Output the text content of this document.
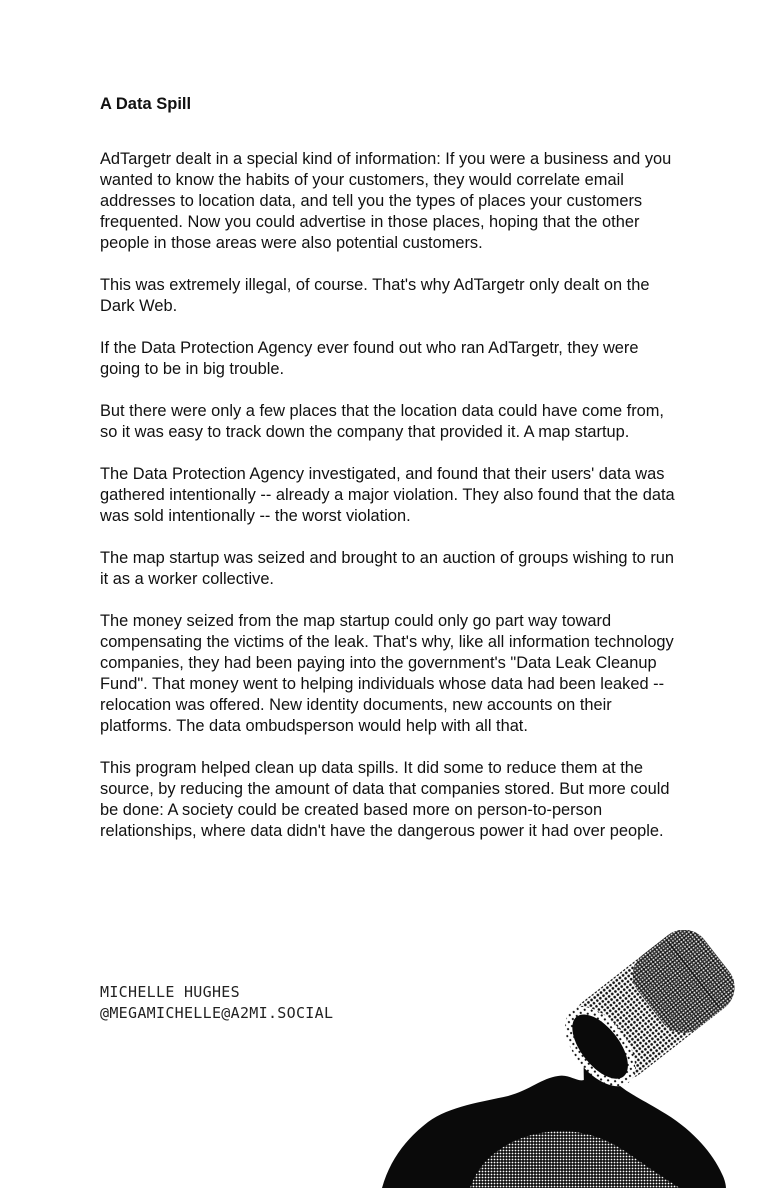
A Data Spill

AdTargetr dealt in a special kind of information: If you were a business and you wanted to know the habits of your customers, they would correlate email addresses to location data, and tell you the types of places your customers frequented. Now you could advertise in those places, hoping that the other people in those areas were also potential customers.

This was extremely illegal, of course. That's why AdTargetr only dealt on the Dark Web.

If the Data Protection Agency ever found out who ran AdTargetr, they were going to be in big trouble.

But there were only a few places that the location data could have come from, so it was easy to track down the company that provided it. A map startup.

The Data Protection Agency investigated, and found that their users' data was gathered intentionally -- already a major violation. They also found that the data was sold intentionally -- the worst violation.

The map startup was seized and brought to an auction of groups wishing to run it as a worker collective.

The money seized from the map startup could only go part way toward compensating the victims of the leak. That's why, like all information technology companies, they had been paying into the government's "Data Leak Cleanup Fund". That money went to helping individuals whose data had been leaked -- relocation was offered. New identity documents, new accounts on their platforms. The data ombudsperson would help with all that.

This program helped clean up data spills. It did some to reduce them at the source, by reducing the amount of data that companies stored. But more could be done: A society could be created based more on person-to-person relationships, where data didn't have the dangerous power it had over people.

MICHELLE HUGHES
@MEGAMICHELLE@A2MI.SOCIAL
